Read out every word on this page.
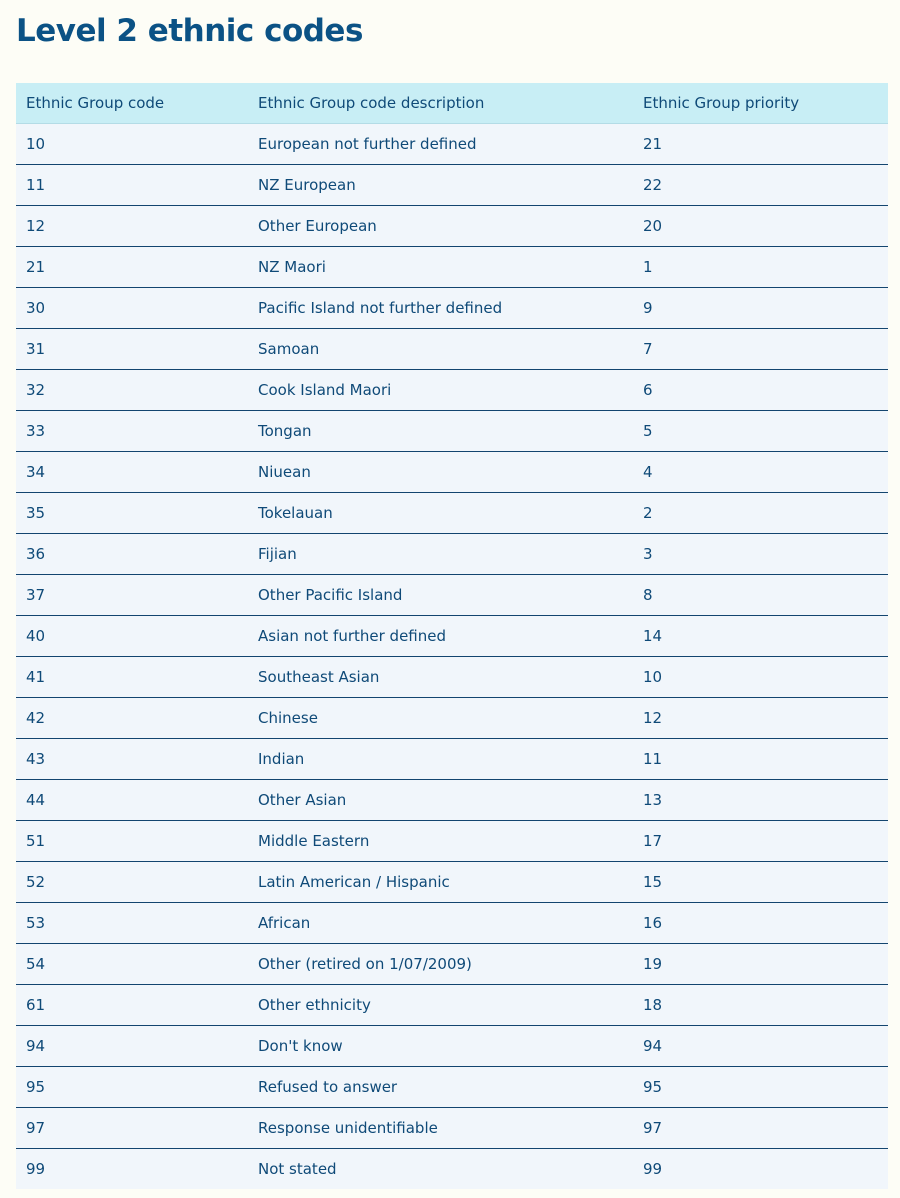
Level 2 ethnic codes
Ethnic Group code	Ethnic Group code description	Ethnic Group priority
10	European not further defined	21
11	NZ European	22
12	Other European	20
21	NZ Maori	1
30	Pacific Island not further defined	9
31	Samoan	7
32	Cook Island Maori	6
33	Tongan	5
34	Niuean	4
35	Tokelauan	2
36	Fijian	3
37	Other Pacific Island	8
40	Asian not further defined	14
41	Southeast Asian	10
42	Chinese	12
43	Indian	11
44	Other Asian	13
51	Middle Eastern	17
52	Latin American / Hispanic	15
53	African	16
54	Other (retired on 1/07/2009)	19
61	Other ethnicity	18
94	Don't know	94
95	Refused to answer	95
97	Response unidentifiable	97
99	Not stated	99
